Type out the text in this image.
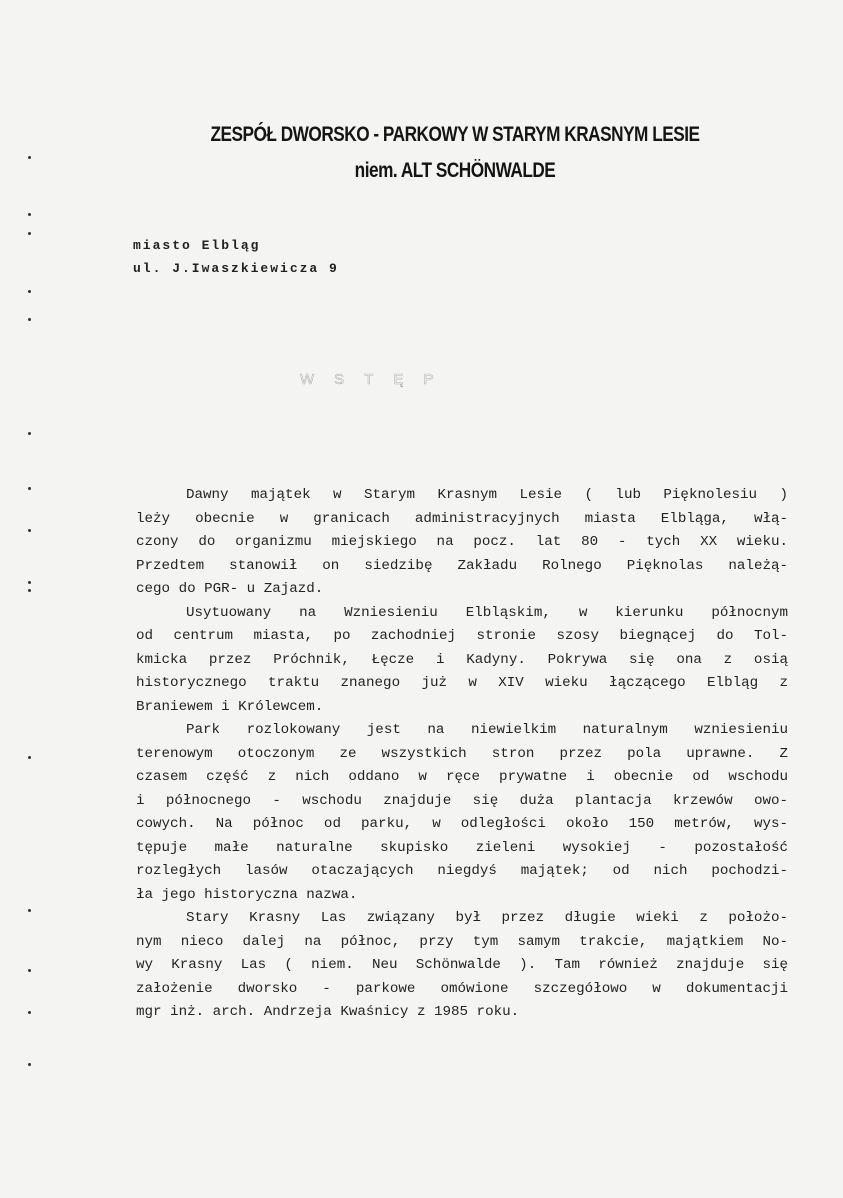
ZESPÓŁ DWORSKO - PARKOWY W STARYM KRASNYM LESIE
niem. ALT SCHÖNWALDE
miasto Elbląg
ul. J.Iwaszkiewicza 9
WSTĘP
Dawny majątek w Starym Krasnym Lesie ( lub Pięknolesiu )
leży obecnie w granicach administracyjnych miasta Elbląga, włą-
czony do organizmu miejskiego na pocz. lat 80 - tych XX wieku.
Przedtem stanowił on siedzibę Zakładu Rolnego Pięknolas należą-
cego do PGR- u Zajazd.
Usytuowany na Wzniesieniu Elbląskim, w kierunku północnym
od centrum miasta, po zachodniej stronie szosy biegnącej do Tol-
kmicka przez Próchnik, Łęcze i Kadyny. Pokrywa się ona z osią
historycznego traktu znanego już w XIV wieku łączącego Elbląg z
Braniewem i Królewcem.
Park rozlokowany jest na niewielkim naturalnym wzniesieniu
terenowym otoczonym ze wszystkich stron przez pola uprawne. Z
czasem część z nich oddano w ręce prywatne i obecnie od wschodu
i północnego - wschodu znajduje się duża plantacja krzewów owo-
cowych. Na północ od parku, w odległości około 150 metrów, wys-
tępuje małe naturalne skupisko zieleni wysokiej - pozostałość
rozległych lasów otaczających niegdyś majątek; od nich pochodzi-
ła jego historyczna nazwa.
Stary Krasny Las związany był przez długie wieki z położo-
nym nieco dalej na północ, przy tym samym trakcie, majątkiem No-
wy Krasny Las ( niem. Neu Schönwalde ). Tam również znajduje się
założenie dworsko - parkowe omówione szczegółowo w dokumentacji
mgr inż. arch. Andrzeja Kwaśnicy z 1985 roku.
